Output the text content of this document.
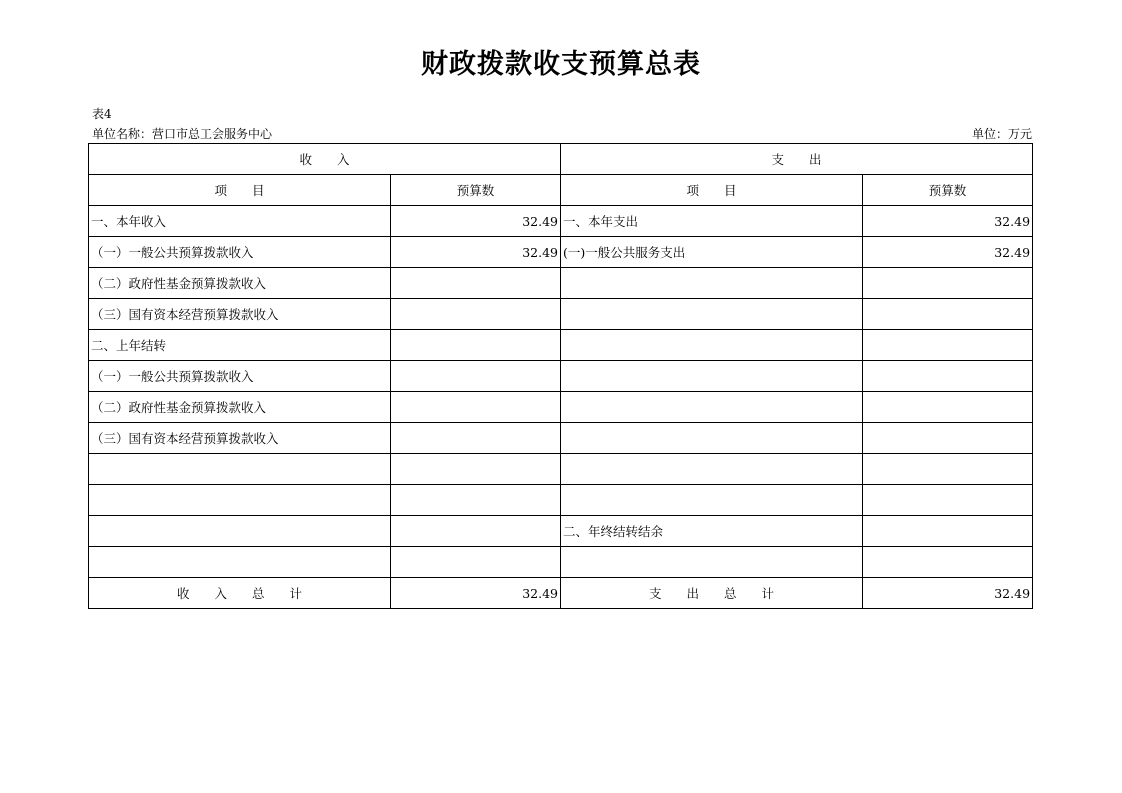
财政拨款收支预算总表
表4
单位名称：营口市总工会服务中心	单位：万元
收　　入		支　　出	
项　　目	预算数	项　　目	预算数
一、本年收入	32.49	一、本年支出	32.49
（一）一般公共预算拨款收入	32.49	(一)一般公共服务支出	32.49
（二）政府性基金预算拨款收入			
（三）国有资本经营预算拨款收入			
二、上年结转			
（一）一般公共预算拨款收入			
（二）政府性基金预算拨款收入			
（三）国有资本经营预算拨款收入			

		二、年终结转结余	

收　　入　　总　　计	32.49	支　　出　　总　　计	32.49
